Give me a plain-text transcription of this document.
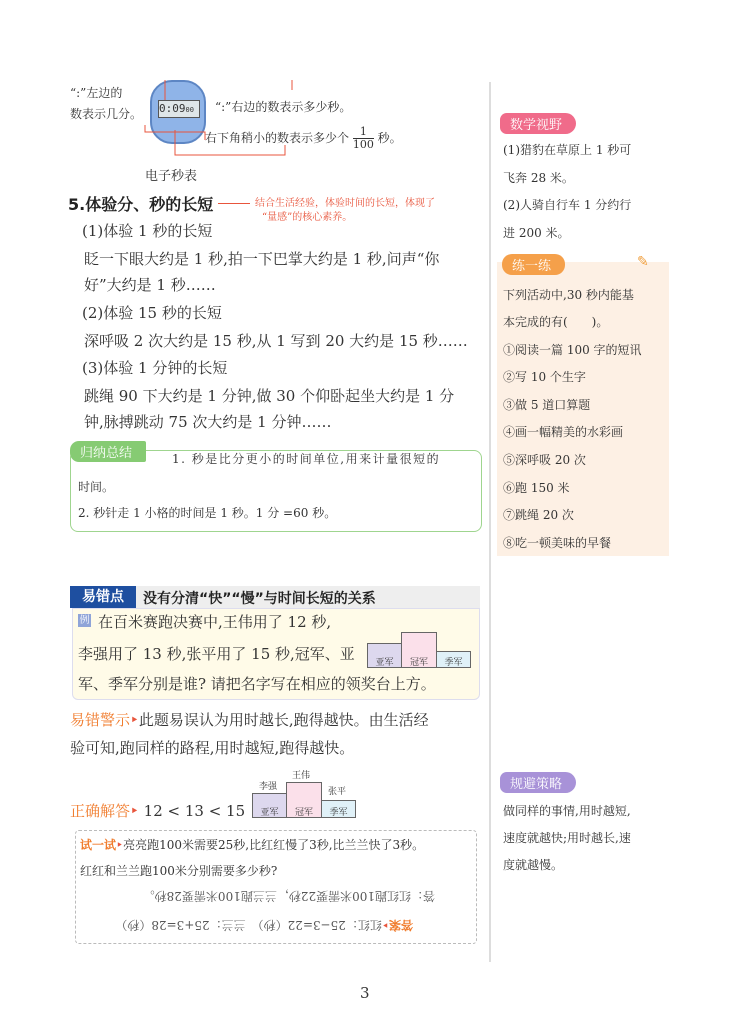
0:0900
“:”左边的
数表示几分。	“:”右边的数表示多少秒。
右下角稍小的数表示多少个 $\frac{1}{100}$ 秒。
电子秒表
5.体验分、秒的长短	结合生活经验，体验时间的长短，体现了
“量感”的核心素养。
(1)体验 1 秒的长短
眨一下眼大约是 1 秒,拍一下巴掌大约是 1 秒,问声“你
好”大约是 1 秒……
(2)体验 15 秒的长短
深呼吸 2 次大约是 15 秒,从 1 写到 20 大约是 15 秒……
(3)体验 1 分钟的长短
跳绳 90 下大约是 1 分钟,做 30 个仰卧起坐大约是 1 分
钟,脉搏跳动 75 次大约是 1 分钟……
归纳总结	1. 秒是比分更小的时间单位,用来计量很短的
时间。
2. 秒针走 1 小格的时间是 1 秒。1 分 =60 秒。
易错点	没有分清“快”“慢”与时间长短的关系
例 在百米赛跑决赛中,王伟用了 12 秒,
李强用了 13 秒,张平用了 15 秒,冠军、亚
军、季军分别是谁? 请把名字写在相应的领奖台上方。
亚军	冠军	季军
易错警示‣此题易误认为用时越长,跑得越快。由生活经
验可知,跑同样的路程,用时越短,跑得越快。
正确解答‣ 12 < 13 < 15
李强
王伟
张平
亚军	冠军	季军
试一试‣亮亮跑100米需要25秒,比红红慢了3秒,比兰兰快了3秒。
红红和兰兰跑100米分别需要多少秒?
答：红红跑100米需要22秒，兰兰跑100米需要28秒。
答案‣红红：25−3=22（秒）　兰兰：25+3=28（秒）
数学视野
(1)猎豹在草原上 1 秒可
飞奔 28 米。
(2)人骑自行车 1 分约行
进 200 米。
练一练	✎
下列活动中,30 秒内能基
本完成的有(　　)。
①阅读一篇 100 字的短讯
②写 10 个生字
③做 5 道口算题
④画一幅精美的水彩画
⑤深呼吸 20 次
⑥跑 150 米
⑦跳绳 20 次
⑧吃一顿美味的早餐
规避策略
做同样的事情,用时越短,
速度就越快;用时越长,速
度就越慢。
3
